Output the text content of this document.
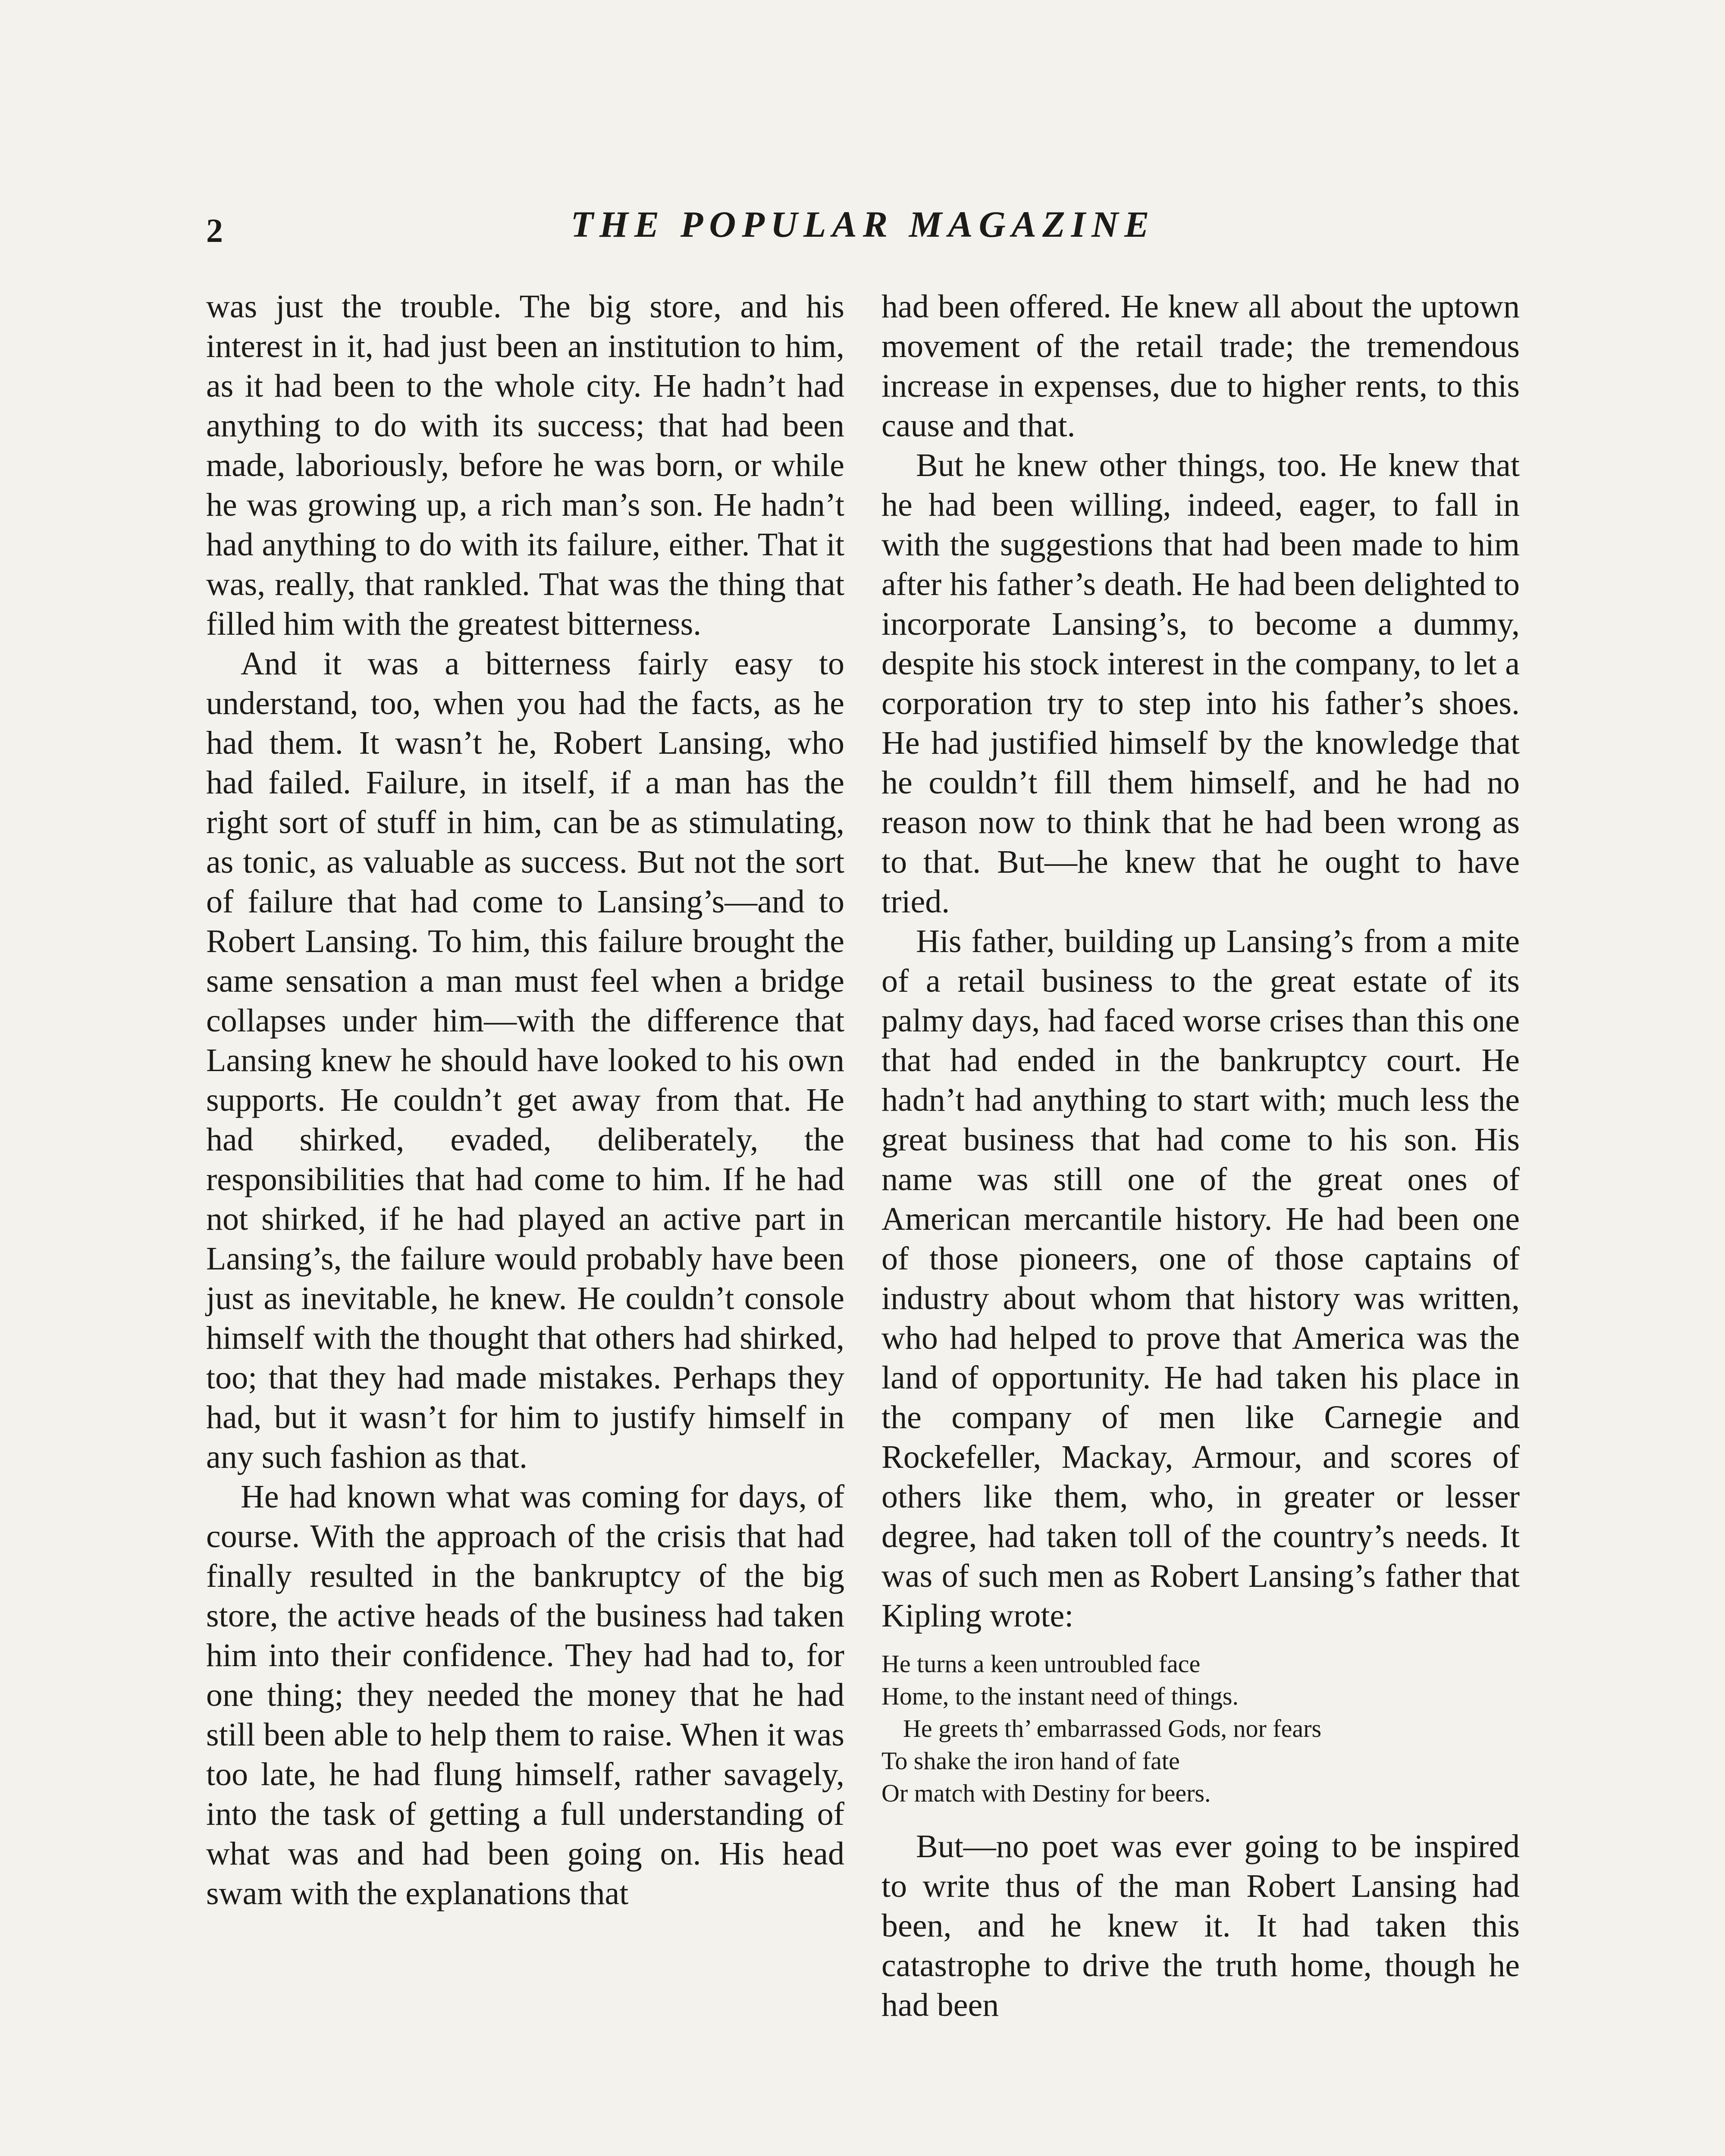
2	THE POPULAR MAGAZINE

was just the trouble. The big store, and his interest in it, had just been an institution to him, as it had been to the whole city. He hadn’t had anything to do with its success; that had been made, laboriously, before he was born, or while he was growing up, a rich man’s son. He hadn’t had anything to do with its failure, either. That it was, really, that rankled. That was the thing that filled him with the greatest bitterness.

And it was a bitterness fairly easy to understand, too, when you had the facts, as he had them. It wasn’t he, Robert Lansing, who had failed. Failure, in itself, if a man has the right sort of stuff in him, can be as stimulating, as tonic, as valuable as success. But not the sort of failure that had come to Lansing’s—and to Robert Lansing. To him, this failure brought the same sensation a man must feel when a bridge collapses under him—with the difference that Lansing knew he should have looked to his own supports. He couldn’t get away from that. He had shirked, evaded, deliberately, the responsibilities that had come to him. If he had not shirked, if he had played an active part in Lansing’s, the failure would probably have been just as inevitable, he knew. He couldn’t console himself with the thought that others had shirked, too; that they had made mistakes. Perhaps they had, but it wasn’t for him to justify himself in any such fashion as that.

He had known what was coming for days, of course. With the approach of the crisis that had finally resulted in the bankruptcy of the big store, the active heads of the business had taken him into their confidence. They had had to, for one thing; they needed the money that he had still been able to help them to raise. When it was too late, he had flung himself, rather savagely, into the task of getting a full understanding of what was and had been going on. His head swam with the explanations that

had been offered. He knew all about the uptown movement of the retail trade; the tremendous increase in expenses, due to higher rents, to this cause and that.

But he knew other things, too. He knew that he had been willing, indeed, eager, to fall in with the suggestions that had been made to him after his father’s death. He had been delighted to incorporate Lansing’s, to become a dummy, despite his stock interest in the company, to let a corporation try to step into his father’s shoes. He had justified himself by the knowledge that he couldn’t fill them himself, and he had no reason now to think that he had been wrong as to that. But—he knew that he ought to have tried.

His father, building up Lansing’s from a mite of a retail business to the great estate of its palmy days, had faced worse crises than this one that had ended in the bankruptcy court. He hadn’t had anything to start with; much less the great business that had come to his son. His name was still one of the great ones of American mercantile history. He had been one of those pioneers, one of those captains of industry about whom that history was written, who had helped to prove that America was the land of opportunity. He had taken his place in the company of men like Carnegie and Rockefeller, Mackay, Armour, and scores of others like them, who, in greater or lesser degree, had taken toll of the country’s needs. It was of such men as Robert Lansing’s father that Kipling wrote:

He turns a keen untroubled face
Home, to the instant need of things.
He greets th’ embarrassed Gods, nor fears
To shake the iron hand of fate
Or match with Destiny for beers.

But—no poet was ever going to be inspired to write thus of the man Robert Lansing had been, and he knew it. It had taken this catastrophe to drive the truth home, though he had been
